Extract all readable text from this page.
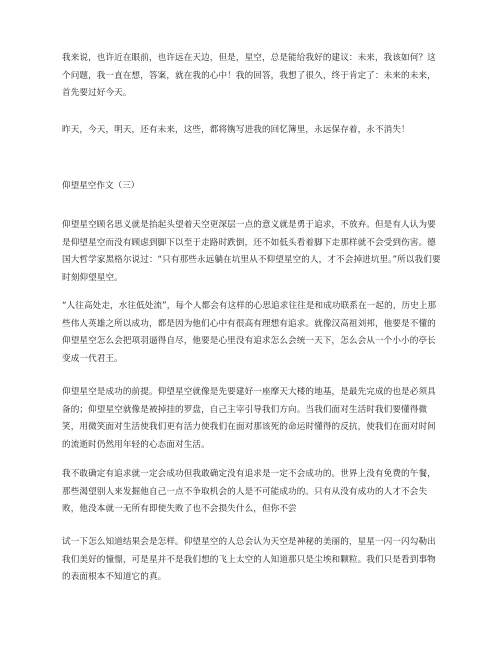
我来说，也许近在眼前，也许远在天边，但是，星空，总是能给我好的建议：未来，我该如何？这个问题，我一直在想，答案，就在我的心中！我的回答，我想了很久，终于肯定了：未来的未来，首先要过好今天。

昨天，今天，明天，还有未来，这些，都将镌写进我的回忆簿里，永远保存着，永不消失！

仰望星空作文（三）

仰望星空顾名思义就是抬起头望着天空更深层一点的意义就是勇于追求，不放弃。但是有人认为要是仰望星空而没有顾虑到脚下以至于走路时跌倒，还不如低头看着脚下走那样就不会受到伤害。德国大哲学家黑格尔说过：“只有那些永远躺在坑里从不仰望星空的人，才不会掉进坑里。”所以我们要时刻仰望星空。

“人往高处走，水往低处流”，每个人都会有这样的心思追求往往是和成功联系在一起的，历史上那些伟人英雄之所以成功，都是因为他们心中有很高有理想有追求。就像汉高祖刘邦，他要是不懂的仰望星空怎么会把项羽逼得自尽，他要是心里没有追求怎么会统一天下，怎么会从一个小小的亭长变成一代君王。

仰望星空是成功的前提。仰望星空就像是先要建好一座摩天大楼的地基，是最先完成的也是必须具备的；仰望星空就像是被掉挂的罗盘，自己主宰引导我们方向。当我们面对生活时我们要懂得微笑，用微笑面对生活使我们更有活力使我们在面对那该死的命运时懂得的反抗，使我们在面对时间的流逝时仍然用年轻的心态面对生活。

我不敢确定有追求就一定会成功但我敢确定没有追求是一定不会成功的。世界上没有免费的午餐，那些渴望别人来发掘他自己一点不争取机会的人是不可能成功的。只有从没有成功的人才不会失败，他没本就一无所有即使失败了也不会损失什么，但你不尝

试一下怎么知道结果会是怎样。仰望星空的人总会认为天空是神秘的美丽的，星星一闪一闪勾勒出我们美好的憧憬，可是星并不是我们想的飞上太空的人知道那只是尘埃和颗粒。我们只是看到事物的表面根本不知道它的真。
